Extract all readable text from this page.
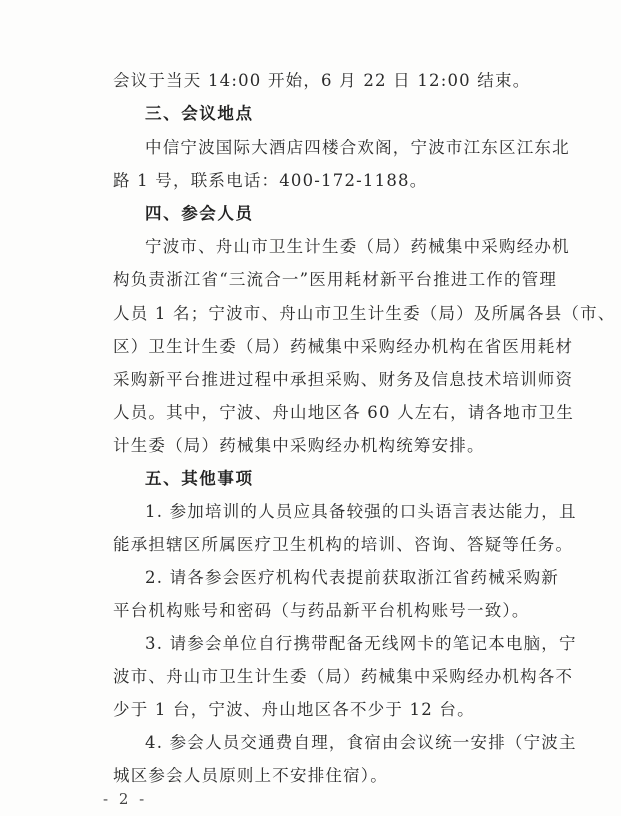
会议于当天 14:00 开始，6 月 22 日 12:00 结束。
三、会议地点
中信宁波国际大酒店四楼合欢阁，宁波市江东区江东北
路 1 号，联系电话：400-172-1188。
四、参会人员
宁波市、舟山市卫生计生委（局）药械集中采购经办机
构负责浙江省“三流合一”医用耗材新平台推进工作的管理
人员 1 名；宁波市、舟山市卫生计生委（局）及所属各县（市、
区）卫生计生委（局）药械集中采购经办机构在省医用耗材
采购新平台推进过程中承担采购、财务及信息技术培训师资
人员。其中，宁波、舟山地区各 60 人左右，请各地市卫生
计生委（局）药械集中采购经办机构统筹安排。
五、其他事项
1. 参加培训的人员应具备较强的口头语言表达能力，且
能承担辖区所属医疗卫生机构的培训、咨询、答疑等任务。
2. 请各参会医疗机构代表提前获取浙江省药械采购新
平台机构账号和密码（与药品新平台机构账号一致）。
3. 请参会单位自行携带配备无线网卡的笔记本电脑，宁
波市、舟山市卫生计生委（局）药械集中采购经办机构各不
少于 1 台，宁波、舟山地区各不少于 12 台。
4. 参会人员交通费自理，食宿由会议统一安排（宁波主
城区参会人员原则上不安排住宿）。
- 2 -
